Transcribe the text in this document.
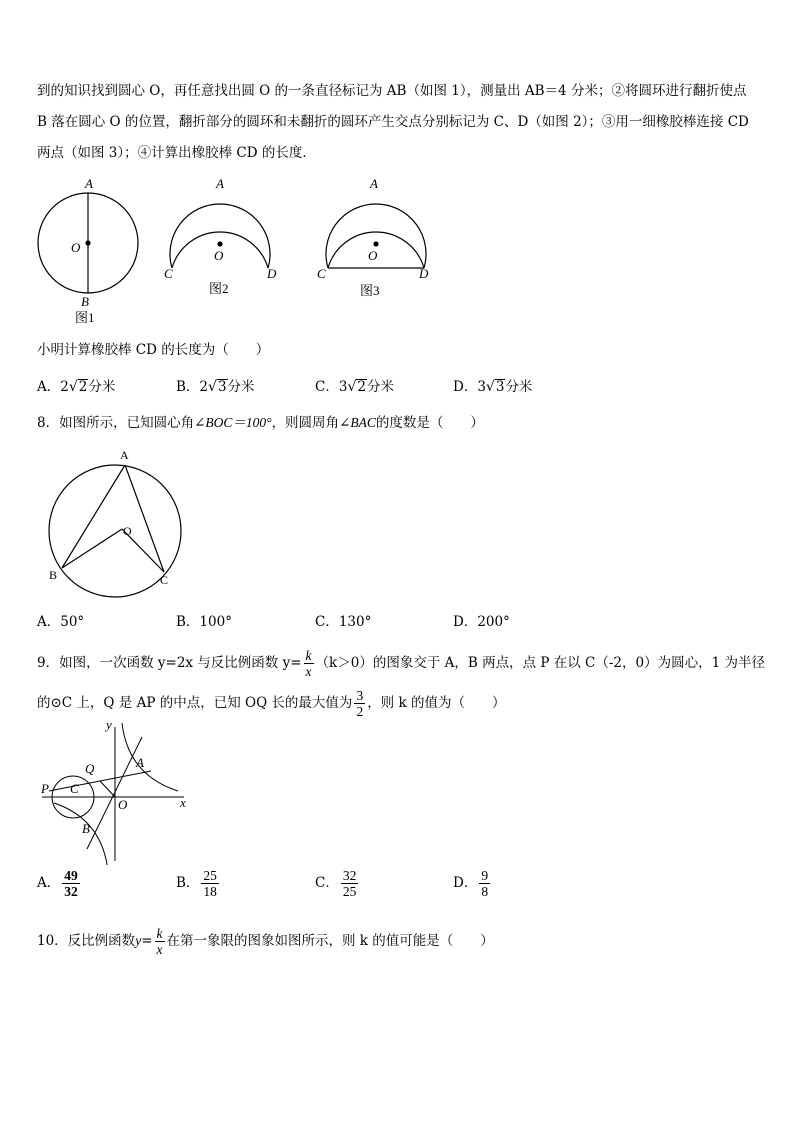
到的知识找到圆心 O，再任意找出圆 O 的一条直径标记为 AB（如图 1），测量出 AB＝4 分米；②将圆环进行翻折使点
B 落在圆心 O 的位置，翻折部分的圆环和未翻折的圆环产生交点分别标记为 C、D（如图 2）；③用一细橡胶棒连接 CD
两点（如图 3）；④计算出橡胶棒 CD 的长度．
A
O
B
图1
A
O
C	D
图2
A
O
C	D
图3
小明计算橡胶棒 CD 的长度为（　　）
A．2√2分米	B．2√3分米	C．3√2分米	D．3√3分米
8．如图所示，已知圆心角∠BOC＝100°，则圆周角∠BAC的度数是（　　）
A
O
B	C
A．50°	B．100°	C．130°	D．200°
9．如图，一次函数 y=2x 与反比例函数 $y= \frac{k}{x} (k>0)$的图象交于 A，B 两点，点 P 在以 C（-2，0）为圆心，1 为半径
的⊙C 上，Q 是 AP 的中点，已知 OQ 长的最大值为 $\frac{3}{2}$ ，则 k 的值为（　　）
y
x
A
B
C
O
P
Q
A． $\frac{49}{32}$	B． $\frac{25}{18}$	C． $\frac{32}{25}$	D． $\frac{9}{8}$
10．反比例函数$y= \frac{k}{x}$ 在第一象限的图象如图所示，则 k 的值可能是（　　）
